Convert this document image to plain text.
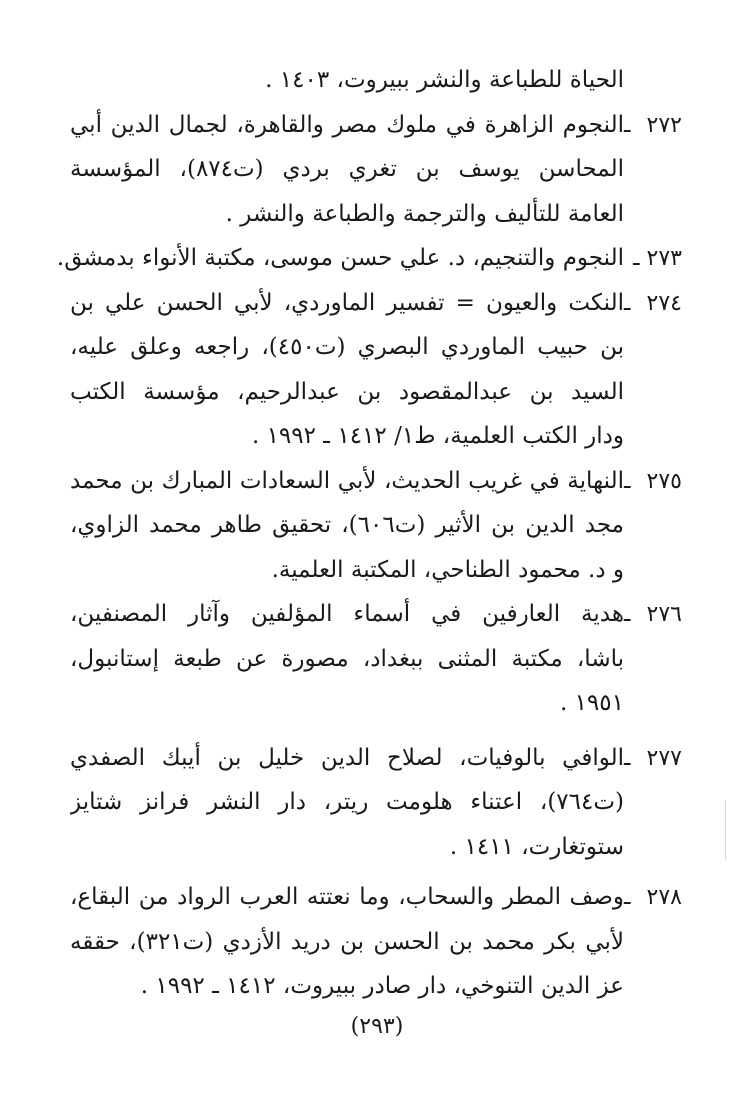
الحياة للطباعة والنشر ببيروت، ١٤٠٣ .
٢٧٢ ـالنجوم الزاهرة في ملوك مصر والقاهرة، لجمال الدين أبي
المحاسن يوسف بن تغري بردي (ت٨٧٤)، المؤسسة
العامة للتأليف والترجمة والطباعة والنشر .
٢٧٣ ـالنجوم والتنجيم، د. علي حسن موسى، مكتبة الأنواء بدمشق.
٢٧٤ ـالنكت والعيون = تفسير الماوردي، لأبي الحسن علي بن
بن حبيب الماوردي البصري (ت٤٥٠)، راجعه وعلق عليه،
السيد بن عبدالمقصود بن عبدالرحيم، مؤسسة الكتب
ودار الكتب العلمية، ط١/ ١٤١٢ ـ ١٩٩٢ .
٢٧٥ ـالنهاية في غريب الحديث، لأبي السعادات المبارك بن محمد
مجد الدين بن الأثير (ت٦٠٦)، تحقيق طاهر محمد الزاوي،
و د. محمود الطناحي، المكتبة العلمية.
٢٧٦ ـهدية العارفين في أسماء المؤلفين وآثار المصنفين،
باشا، مكتبة المثنى ببغداد، مصورة عن طبعة إستانبول،
١٩٥١ .
٢٧٧ ـالوافي بالوفيات، لصلاح الدين خليل بن أيبك الصفدي
(ت٧٦٤)، اعتناء هلومت ريتر، دار النشر فرانز شتايز
ستوتغارت، ١٤١١ .
٢٧٨ ـوصف المطر والسحاب، وما نعتته العرب الرواد من البقاع،
لأبي بكر محمد بن الحسن بن دريد الأزدي (ت٣٢١)، حققه
عز الدين التنوخي، دار صادر ببيروت، ١٤١٢ ـ ١٩٩٢ .
(٢٩٣)
